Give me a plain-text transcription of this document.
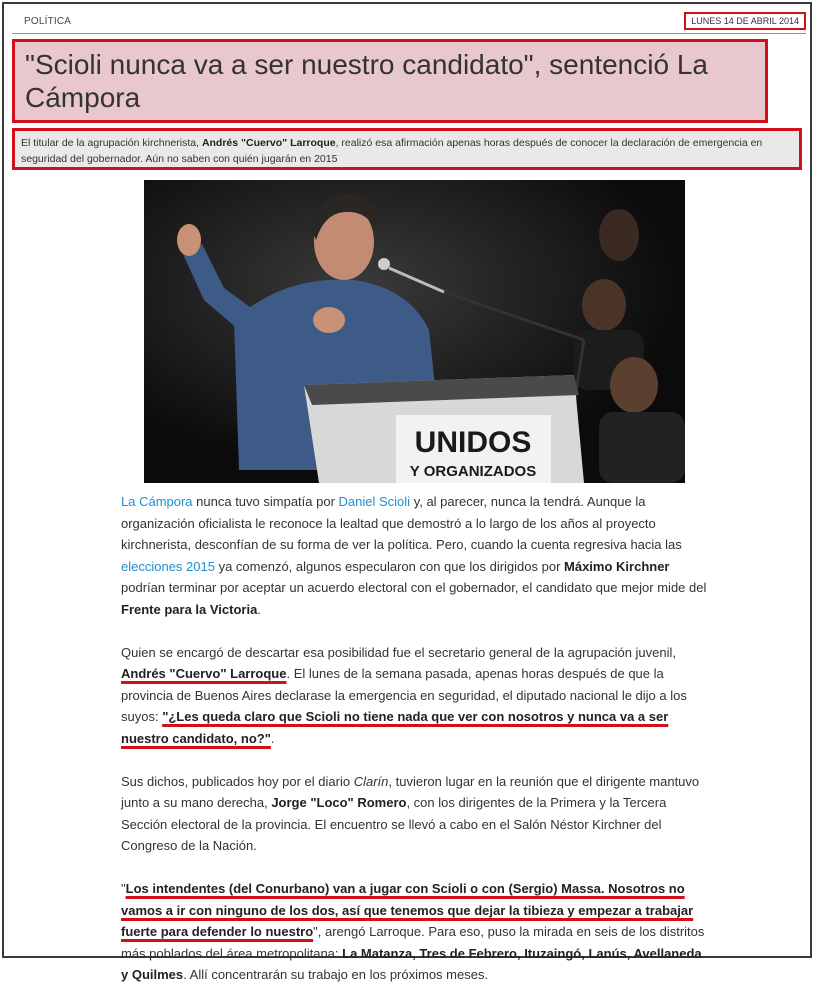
POLÍTICA	LUNES 14 DE ABRIL 2014
"Scioli nunca va a ser nuestro candidato", sentenció La Cámpora

El titular de la agrupación kirchnerista, Andrés "Cuervo" Larroque, realizó esa afirmación apenas horas después de conocer la declaración de emergencia en seguridad del gobernador. Aún no saben con quién jugarán en 2015

UNIDOS
Y ORGANIZADOS

La Cámpora nunca tuvo simpatía por Daniel Scioli y, al parecer, nunca la tendrá. Aunque la organización oficialista le reconoce la lealtad que demostró a lo largo de los años al proyecto kirchnerista, desconfían de su forma de ver la política. Pero, cuando la cuenta regresiva hacia las elecciones 2015 ya comenzó, algunos especularon con que los dirigidos por Máximo Kirchner podrían terminar por aceptar un acuerdo electoral con el gobernador, el candidato que mejor mide del Frente para la Victoria.

Quien se encargó de descartar esa posibilidad fue el secretario general de la agrupación juvenil, Andrés "Cuervo" Larroque. El lunes de la semana pasada, apenas horas después de que la provincia de Buenos Aires declarase la emergencia en seguridad, el diputado nacional le dijo a los suyos: "¿Les queda claro que Scioli no tiene nada que ver con nosotros y nunca va a ser nuestro candidato, no?".

Sus dichos, publicados hoy por el diario Clarín, tuvieron lugar en la reunión que el dirigente mantuvo junto a su mano derecha, Jorge "Loco" Romero, con los dirigentes de la Primera y la Tercera Sección electoral de la provincia. El encuentro se llevó a cabo en el Salón Néstor Kirchner del Congreso de la Nación.

"Los intendentes (del Conurbano) van a jugar con Scioli o con (Sergio) Massa. Nosotros no vamos a ir con ninguno de los dos, así que tenemos que dejar la tibieza y empezar a trabajar fuerte para defender lo nuestro", arengó Larroque. Para eso, puso la mirada en seis de los distritos más poblados del área metropolitana: La Matanza, Tres de Febrero, Ituzaingó, Lanús, Avellaneda y Quilmes. Allí concentrarán su trabajo en los próximos meses.
